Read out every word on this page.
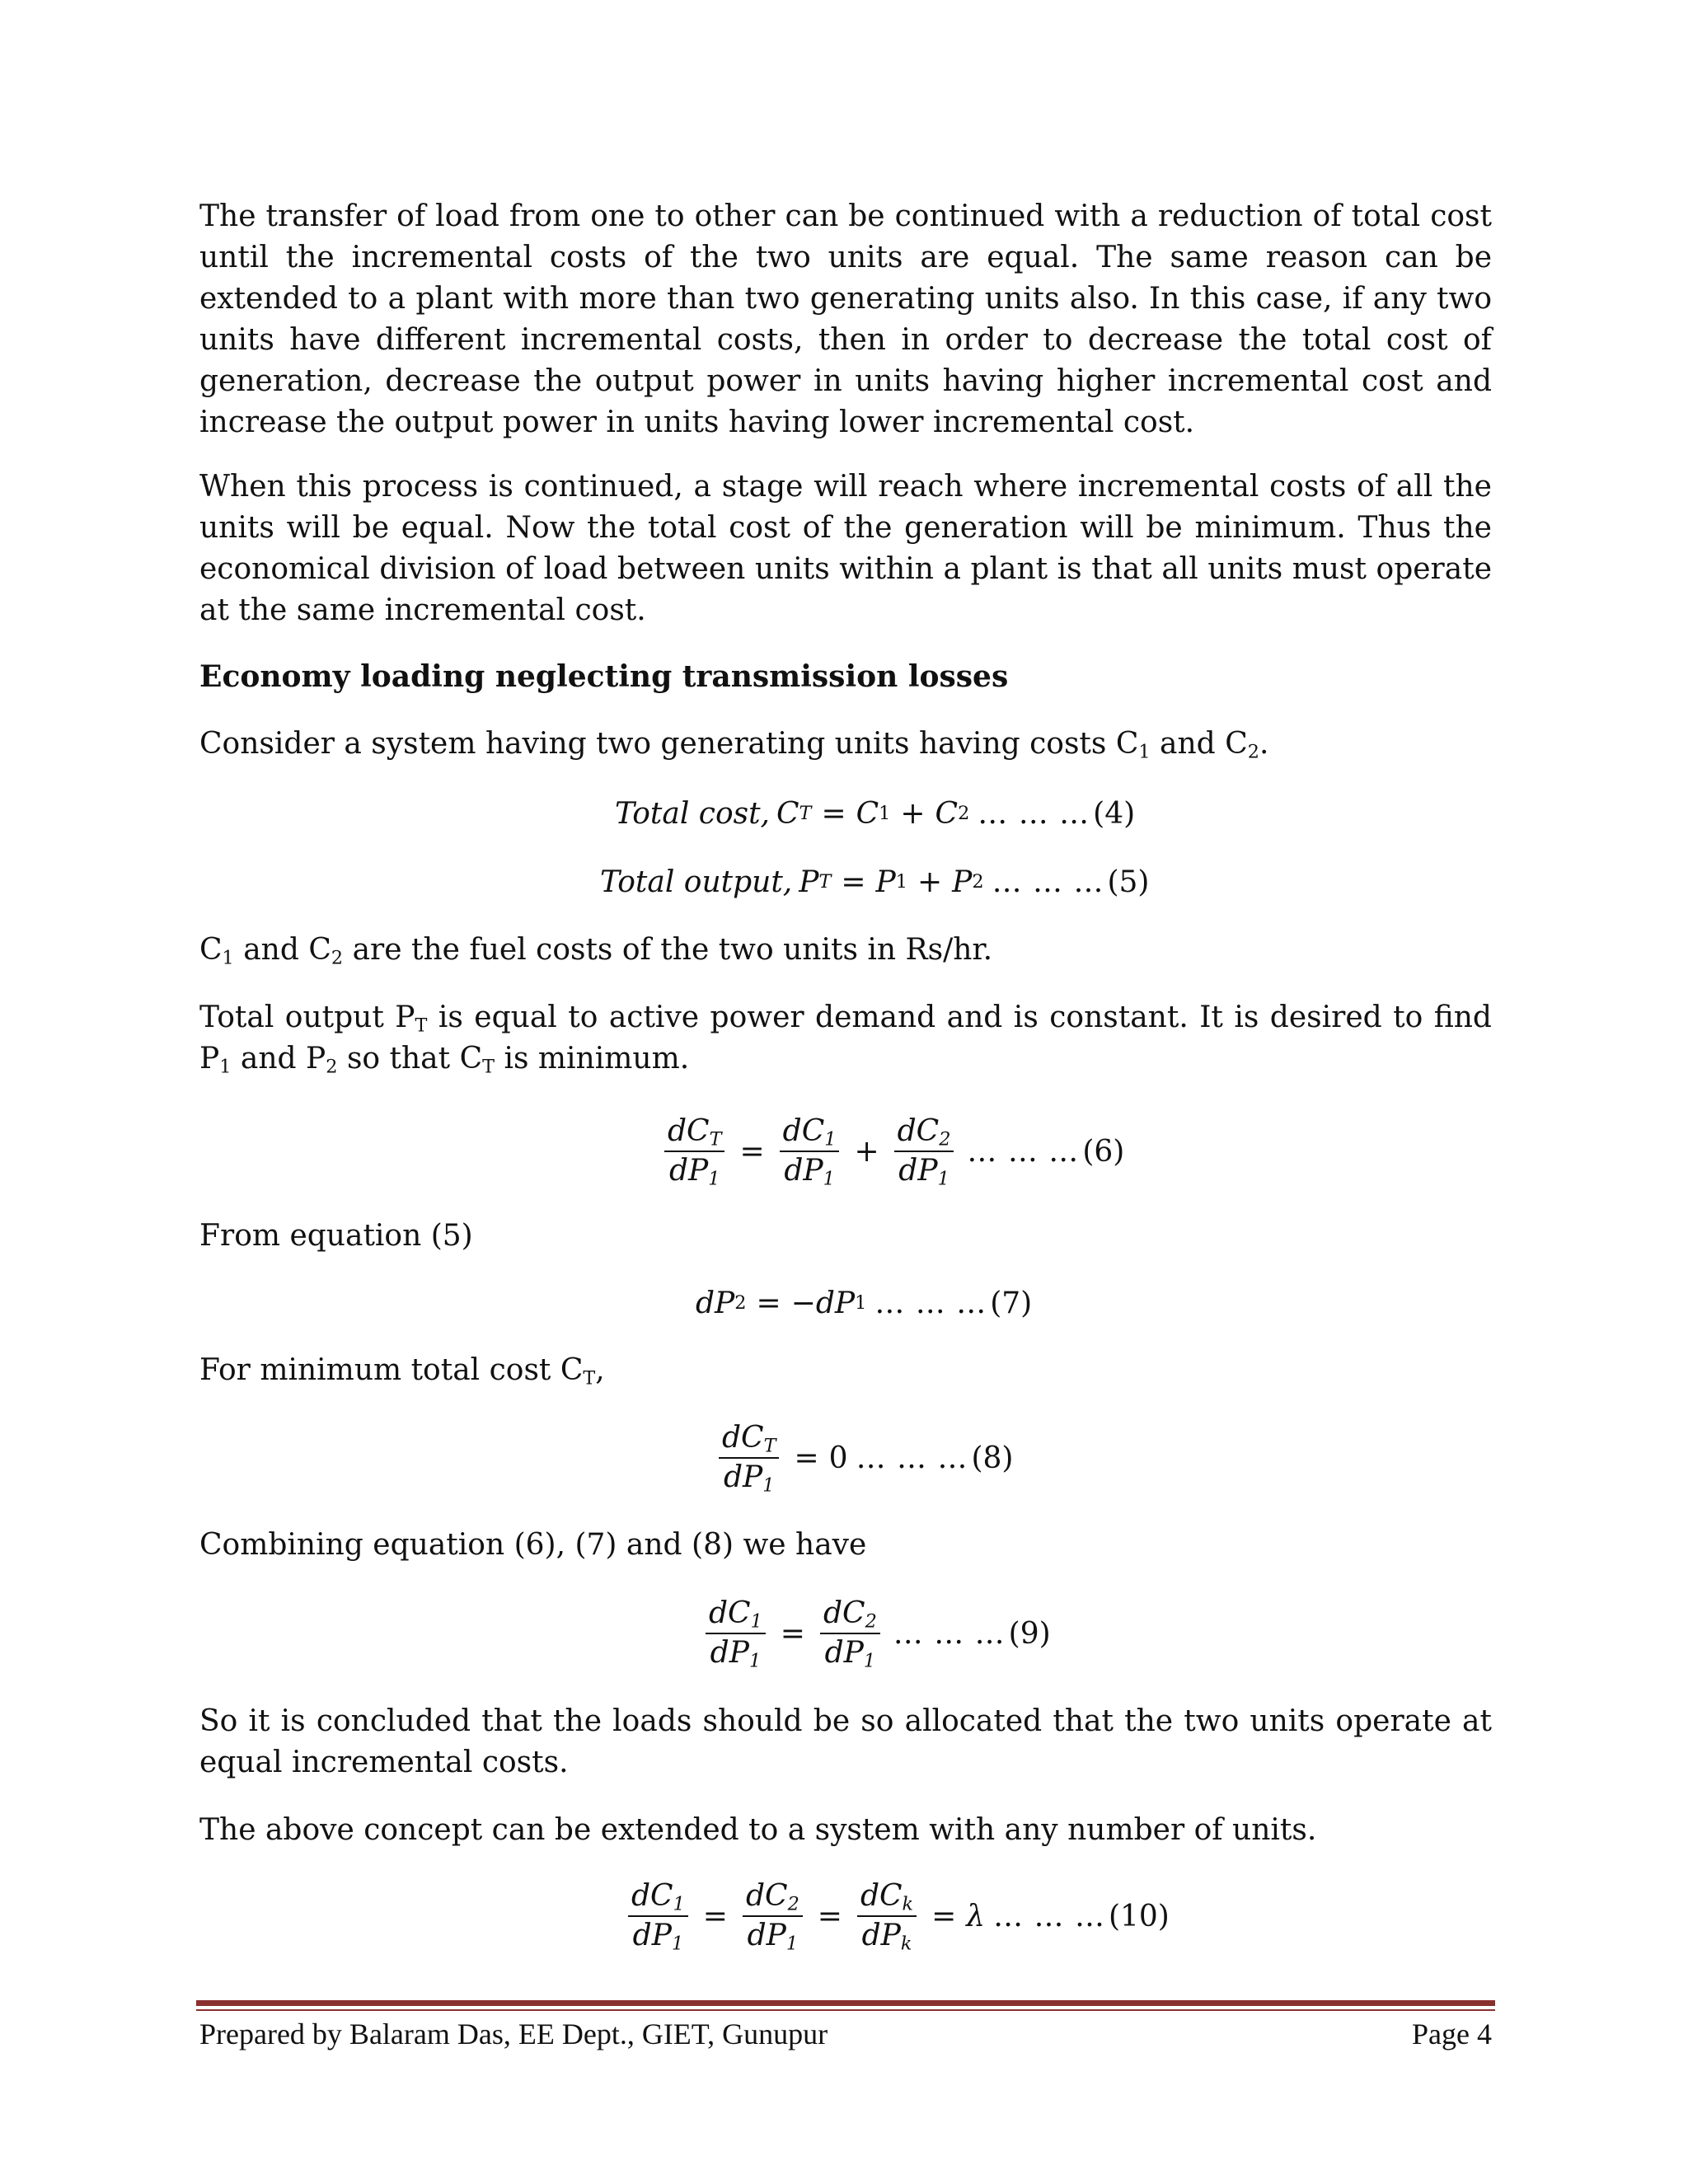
The transfer of load from one to other can be continued with a reduction of total cost until the incremental costs of the two units are equal. The same reason can be extended to a plant with more than two generating units also. In this case, if any two units have different incremental costs, then in order to decrease the total cost of generation, decrease the output power in units having higher incremental cost and increase the output power in units having lower incremental cost.

When this process is continued, a stage will reach where incremental costs of all the units will be equal. Now the total cost of the generation will be minimum. Thus the economical division of load between units within a plant is that all units must operate at the same incremental cost.

Economy loading neglecting transmission losses

Consider a system having two generating units having costs $C_1$ and $C_2$.

Total cost, C T = C 1 + C 2 … … … (4)
Total output, P T = P 1 + P 2 … … … (5)

$C_1$ and $C_2$ are the fuel costs of the two units in Rs/hr.

Total output $P_T$ is equal to active power demand and is constant. It is desired to find $P_1$ and $P_2$ so that $C_T$ is minimum.

$\frac{dC_T}{dP_1} = \frac{dC_1}{dP_1} + \frac{dC_2}{dP_1}$ … … … (6)

From equation (5)

dP 2 = − dP 1 … … … (7)

For minimum total cost $C_T$,

$\frac{dC_T}{dP_1} = 0$ … … … (8)

Combining equation (6), (7) and (8) we have

$\frac{dC_1}{dP_1} = \frac{dC_2}{dP_1}$ … … … (9)

So it is concluded that the loads should be so allocated that the two units operate at equal incremental costs.

The above concept can be extended to a system with any number of units.

$\frac{dC_1}{dP_1} = \frac{dC_2}{dP_1} = \frac{dC_k}{dP_k} = \lambda$ … … … (10)
Prepared by Balaram Das, EE Dept., GIET, Gunupur	Page 4
